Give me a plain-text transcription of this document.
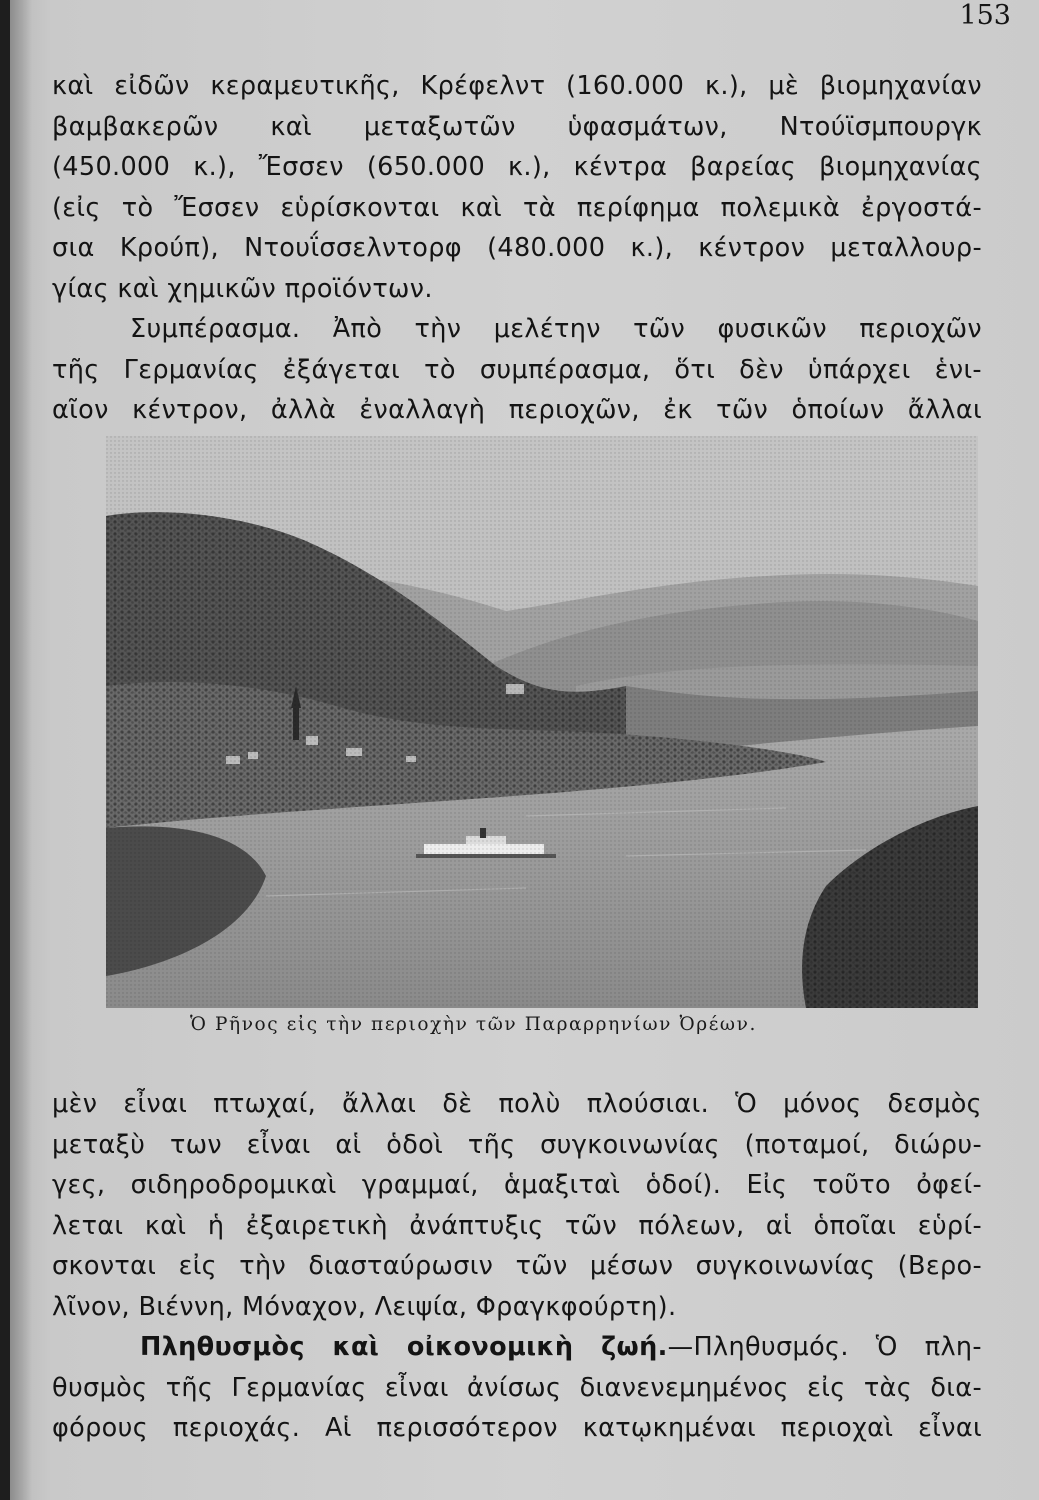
153
καὶ εἰδῶν κεραμευτικῆς, Κρέφελντ (160.000 κ.), μὲ βιομηχανίαν
βαμβακερῶν καὶ μεταξωτῶν ὑφασμάτων, Ντούϊσμπουργκ
(450.000 κ.), Ἔσσεν (650.000 κ.), κέντρα βαρείας βιομηχανίας
(εἰς τὸ Ἔσσεν εὑρίσκονται καὶ τὰ περίφημα πολεμικὰ ἐργοστά-
σια Κρούπ), Ντουΐσσελντορφ (480.000 κ.), κέντρον μεταλλουρ-
γίας καὶ χημικῶν προϊόντων.
Συμπέρασμα. Ἀπὸ τὴν μελέτην τῶν φυσικῶν περιοχῶν
τῆς Γερμανίας ἐξάγεται τὸ συμπέρασμα, ὅτι δὲν ὑπάρχει ἑνι-
αῖον κέντρον, ἀλλὰ ἐναλλαγὴ περιοχῶν, ἐκ τῶν ὁποίων ἄλλαι
Ὁ Ρῆνος εἰς τὴν περιοχὴν τῶν Παραρρηνίων Ὀρέων.
μὲν εἶναι πτωχαί, ἄλλαι δὲ πολὺ πλούσιαι. Ὁ μόνος δεσμὸς
μεταξὺ των εἶναι αἱ ὁδοὶ τῆς συγκοινωνίας (ποταμοί, διώρυ-
γες, σιδηροδρομικαὶ γραμμαί, ἁμαξιταὶ ὁδοί). Εἰς τοῦτο ὀφεί-
λεται καὶ ἡ ἐξαιρετικὴ ἀνάπτυξις τῶν πόλεων, αἱ ὁποῖαι εὑρί-
σκονται εἰς τὴν διασταύρωσιν τῶν μέσων συγκοινωνίας (Βερο-
λῖνον, Βιέννη, Μόναχον, Λειψία, Φραγκφούρτη).
Πληθυσμὸς καὶ οἰκονομικὴ ζωή.—Πληθυσμός. Ὁ πλη-
θυσμὸς τῆς Γερμανίας εἶναι ἀνίσως διανενεμημένος εἰς τὰς δια-
φόρους περιοχάς. Αἱ περισσότερον κατῳκημέναι περιοχαὶ εἶναι
